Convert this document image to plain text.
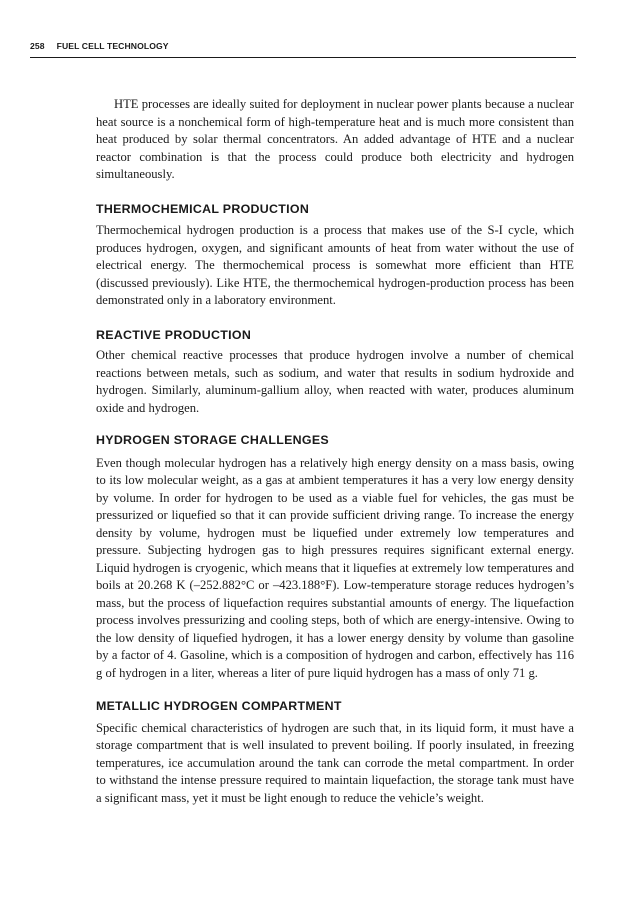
258 FUEL CELL TECHNOLOGY

HTE processes are ideally suited for deployment in nuclear power plants because a nuclear heat source is a nonchemical form of high-temperature heat and is much more consistent than heat produced by solar thermal concentrators. An added advantage of HTE and a nuclear reactor combination is that the process could produce both electricity and hydrogen simultaneously.

THERMOCHEMICAL PRODUCTION

Thermochemical hydrogen production is a process that makes use of the S-I cycle, which produces hydrogen, oxygen, and significant amounts of heat from water without the use of electrical energy. The thermochemical process is somewhat more efficient than HTE (discussed previously). Like HTE, the thermochemical hydrogen-production process has been demonstrated only in a laboratory environment.

REACTIVE PRODUCTION

Other chemical reactive processes that produce hydrogen involve a number of chemical reactions between metals, such as sodium, and water that results in sodium hydroxide and hydrogen. Similarly, aluminum-gallium alloy, when reacted with water, produces aluminum oxide and hydrogen.

HYDROGEN STORAGE CHALLENGES

Even though molecular hydrogen has a relatively high energy density on a mass basis, owing to its low molecular weight, as a gas at ambient temperatures it has a very low energy density by volume. In order for hydrogen to be used as a viable fuel for vehicles, the gas must be pressurized or liquefied so that it can provide sufficient driving range. To increase the energy density by volume, hydrogen must be liquefied under extremely low temperatures and pressure. Subjecting hydrogen gas to high pressures requires significant external energy. Liquid hydrogen is cryogenic, which means that it liquefies at extremely low temperatures and boils at 20.268 K (–252.882°C or –423.188°F). Low-temperature storage reduces hydrogen’s mass, but the process of liquefaction requires substantial amounts of energy. The liquefaction process involves pressurizing and cooling steps, both of which are energy-intensive. Owing to the low density of liquefied hydrogen, it has a lower energy density by volume than gasoline by a factor of 4. Gasoline, which is a composition of hydrogen and carbon, effectively has 116 g of hydrogen in a liter, whereas a liter of pure liquid hydrogen has a mass of only 71 g.

METALLIC HYDROGEN COMPARTMENT

Specific chemical characteristics of hydrogen are such that, in its liquid form, it must have a storage compartment that is well insulated to prevent boiling. If poorly insulated, in freezing temperatures, ice accumulation around the tank can corrode the metal compartment. In order to withstand the intense pressure required to maintain liquefaction, the storage tank must have a significant mass, yet it must be light enough to reduce the vehicle’s weight.
